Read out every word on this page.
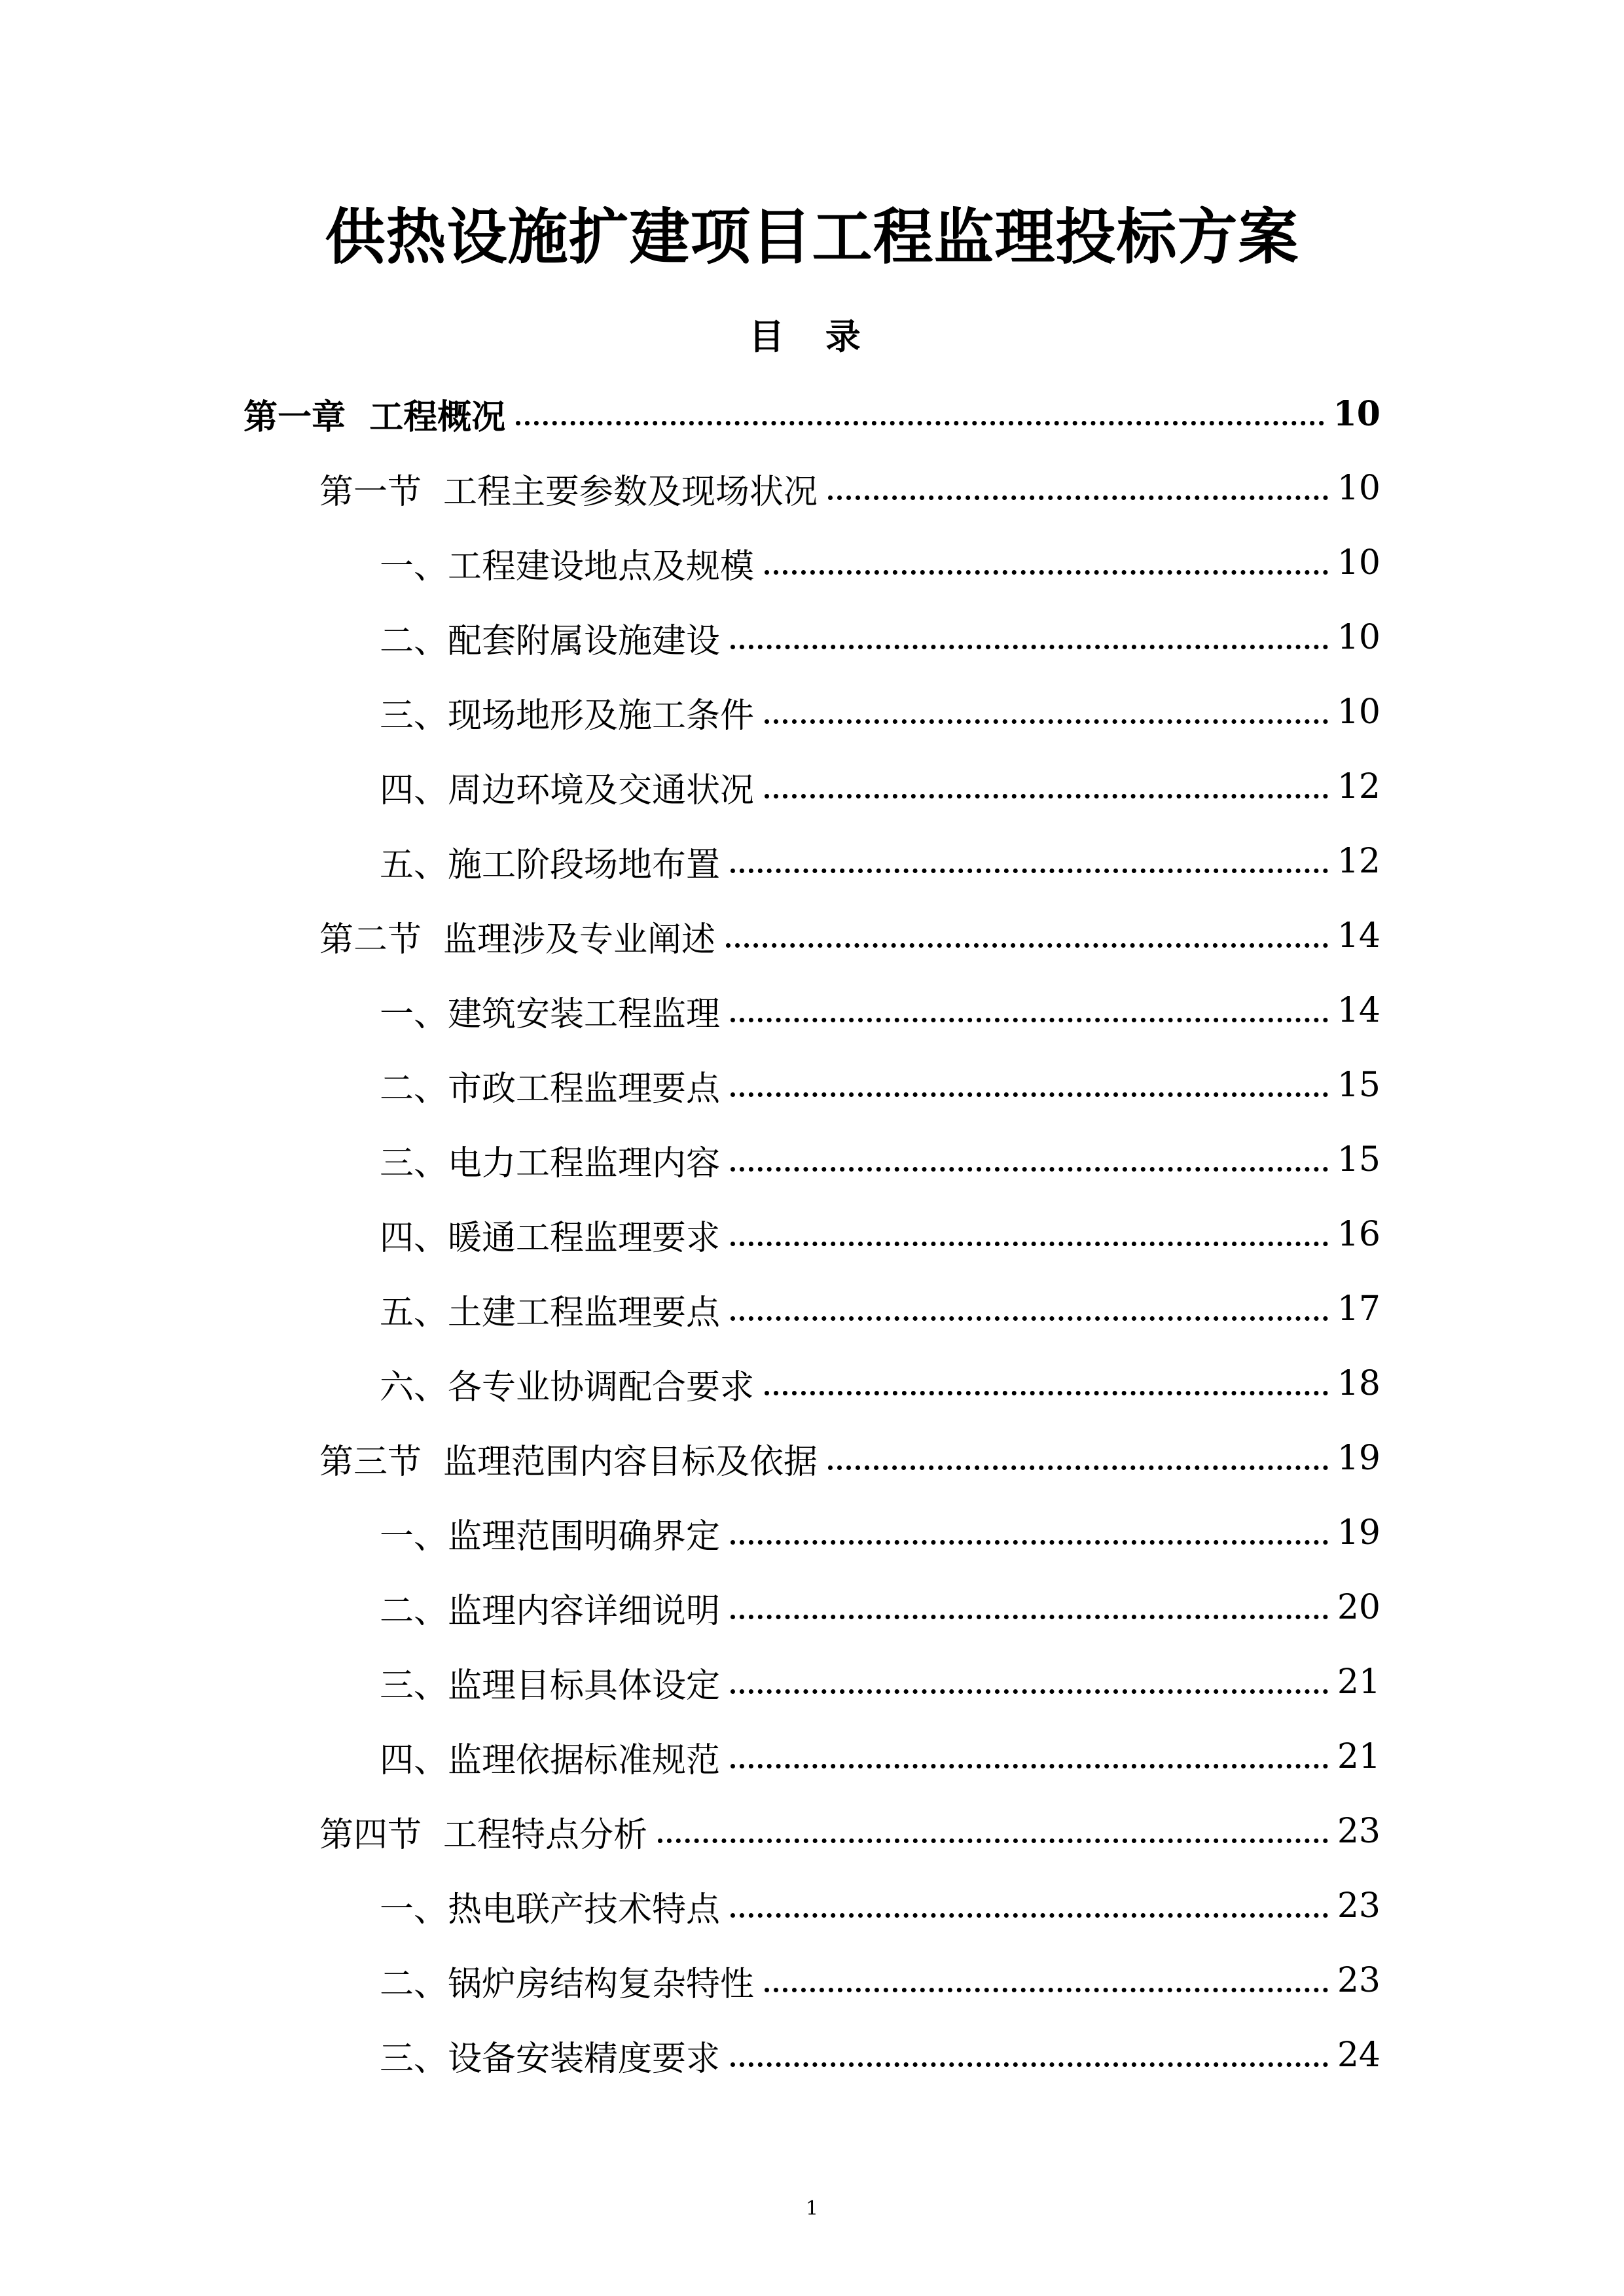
供热设施扩建项目工程监理投标方案
目 录
第一章  工程概况	10
第一节  工程主要参数及现场状况	10
一、工程建设地点及规模	10
二、配套附属设施建设	10
三、现场地形及施工条件	10
四、周边环境及交通状况	12
五、施工阶段场地布置	12
第二节  监理涉及专业阐述	14
一、建筑安装工程监理	14
二、市政工程监理要点	15
三、电力工程监理内容	15
四、暖通工程监理要求	16
五、土建工程监理要点	17
六、各专业协调配合要求	18
第三节  监理范围内容目标及依据	19
一、监理范围明确界定	19
二、监理内容详细说明	20
三、监理目标具体设定	21
四、监理依据标准规范	21
第四节  工程特点分析	23
一、热电联产技术特点	23
二、锅炉房结构复杂特性	23
三、设备安装精度要求	24
1
